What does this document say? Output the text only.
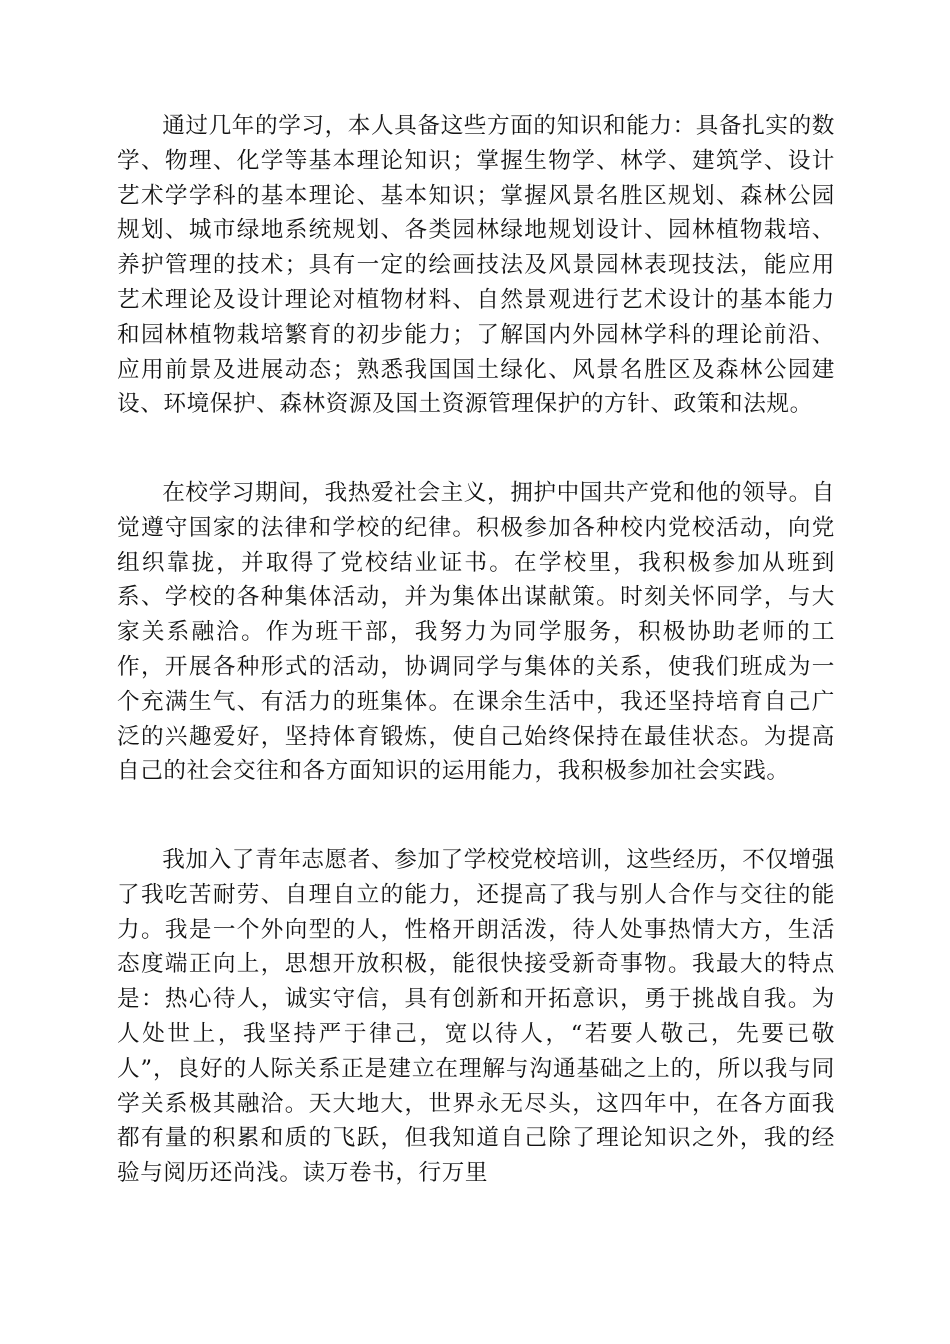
通过几年的学习，本人具备这些方面的知识和能力：具备扎实的数学、物理、化学等基本理论知识；掌握生物学、林学、建筑学、设计艺术学学科的基本理论、基本知识；掌握风景名胜区规划、森林公园规划、城市绿地系统规划、各类园林绿地规划设计、园林植物栽培、养护管理的技术；具有一定的绘画技法及风景园林表现技法，能应用艺术理论及设计理论对植物材料、自然景观进行艺术设计的基本能力和园林植物栽培繁育的初步能力；了解国内外园林学科的理论前沿、应用前景及进展动态；熟悉我国国土绿化、风景名胜区及森林公园建设、环境保护、森林资源及国土资源管理保护的方针、政策和法规。

在校学习期间，我热爱社会主义，拥护中国共产党和他的领导。自觉遵守国家的法律和学校的纪律。积极参加各种校内党校活动，向党组织靠拢，并取得了党校结业证书。在学校里，我积极参加从班到系、学校的各种集体活动，并为集体出谋献策。时刻关怀同学，与大家关系融洽。作为班干部，我努力为同学服务，积极协助老师的工作，开展各种形式的活动，协调同学与集体的关系，使我们班成为一个充满生气、有活力的班集体。在课余生活中，我还坚持培育自己广泛的兴趣爱好，坚持体育锻炼，使自己始终保持在最佳状态。为提高自己的社会交往和各方面知识的运用能力，我积极参加社会实践。

我加入了青年志愿者、参加了学校党校培训，这些经历，不仅增强了我吃苦耐劳、自理自立的能力，还提高了我与别人合作与交往的能力。我是一个外向型的人，性格开朗活泼，待人处事热情大方，生活态度端正向上，思想开放积极，能很快接受新奇事物。我最大的特点是：热心待人，诚实守信，具有创新和开拓意识，勇于挑战自我。为人处世上，我坚持严于律己，宽以待人，“若要人敬己，先要已敬人”，良好的人际关系正是建立在理解与沟通基础之上的，所以我与同学关系极其融洽。天大地大，世界永无尽头，这四年中，在各方面我都有量的积累和质的飞跃，但我知道自己除了理论知识之外，我的经验与阅历还尚浅。读万卷书，行万里
